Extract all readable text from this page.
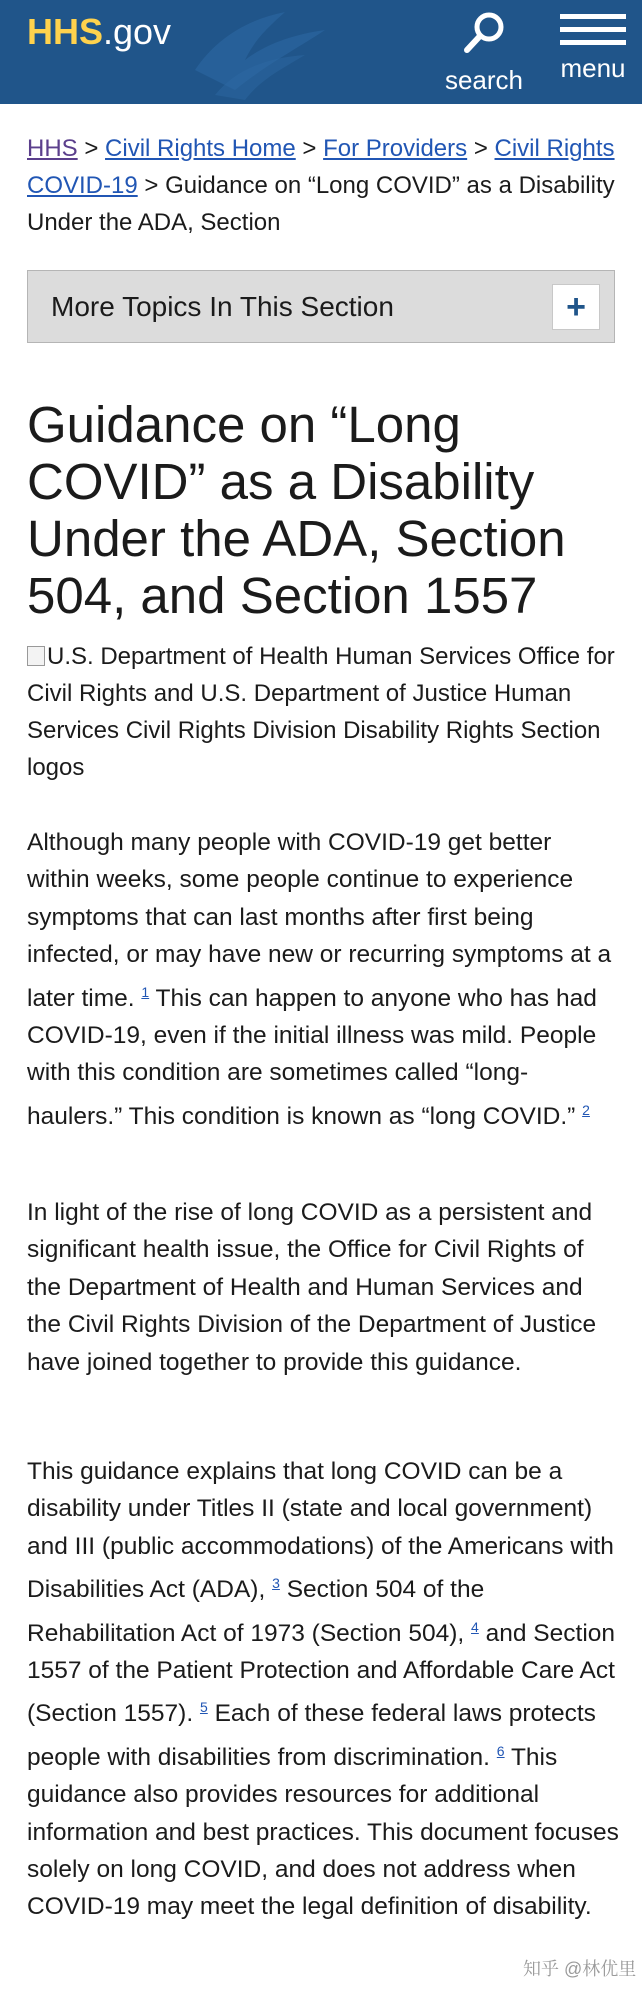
HHS.gov
search menu
HHS > Civil Rights Home > For Providers > Civil Rights COVID-19 > Guidance on “Long COVID” as a Disability Under the ADA, Section
More Topics In This Section	+
Guidance on “Long COVID” as a Disability Under the ADA, Section 504, and Section 1557
U.S. Department of Health Human Services Office for Civil Rights and U.S. Department of Justice Human Services Civil Rights Division Disability Rights Section logos

Although many people with COVID-19 get better within weeks, some people continue to experience symptoms that can last months after first being infected, or may have new or recurring symptoms at a later time. $^1$ This can happen to anyone who has had COVID-19, even if the initial illness was mild. People with this condition are sometimes called “long-haulers.” This condition is known as “long COVID.” $^2$

In light of the rise of long COVID as a persistent and significant health issue, the Office for Civil Rights of the Department of Health and Human Services and the Civil Rights Division of the Department of Justice have joined together to provide this guidance.

This guidance explains that long COVID can be a disability under Titles II (state and local government) and III (public accommodations) of the Americans with Disabilities Act (ADA), $^3$ Section 504 of the Rehabilitation Act of 1973 (Section 504), $^4$ and Section 1557 of the Patient Protection and Affordable Care Act (Section 1557). $^5$ Each of these federal laws protects people with disabilities from discrimination. $^6$ This guidance also provides resources for additional information and best practices. This document focuses solely on long COVID, and does not address when COVID-19 may meet the legal definition of disability.

知乎 @林优里
